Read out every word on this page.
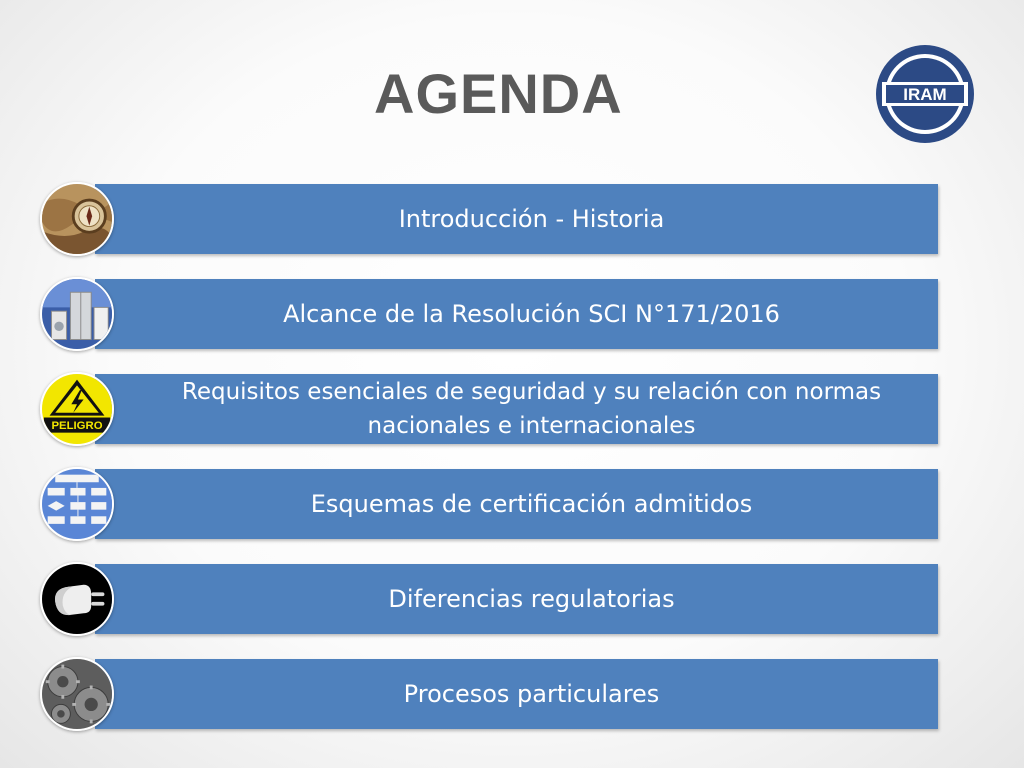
AGENDA	IRAM
Introducción - Historia
Alcance de la Resolución SCI N°171/2016
Requisitos esenciales de seguridad y su relación con normas nacionales e internacionales
PELIGRO
Esquemas de certificación admitidos
Diferencias regulatorias
Procesos particulares
